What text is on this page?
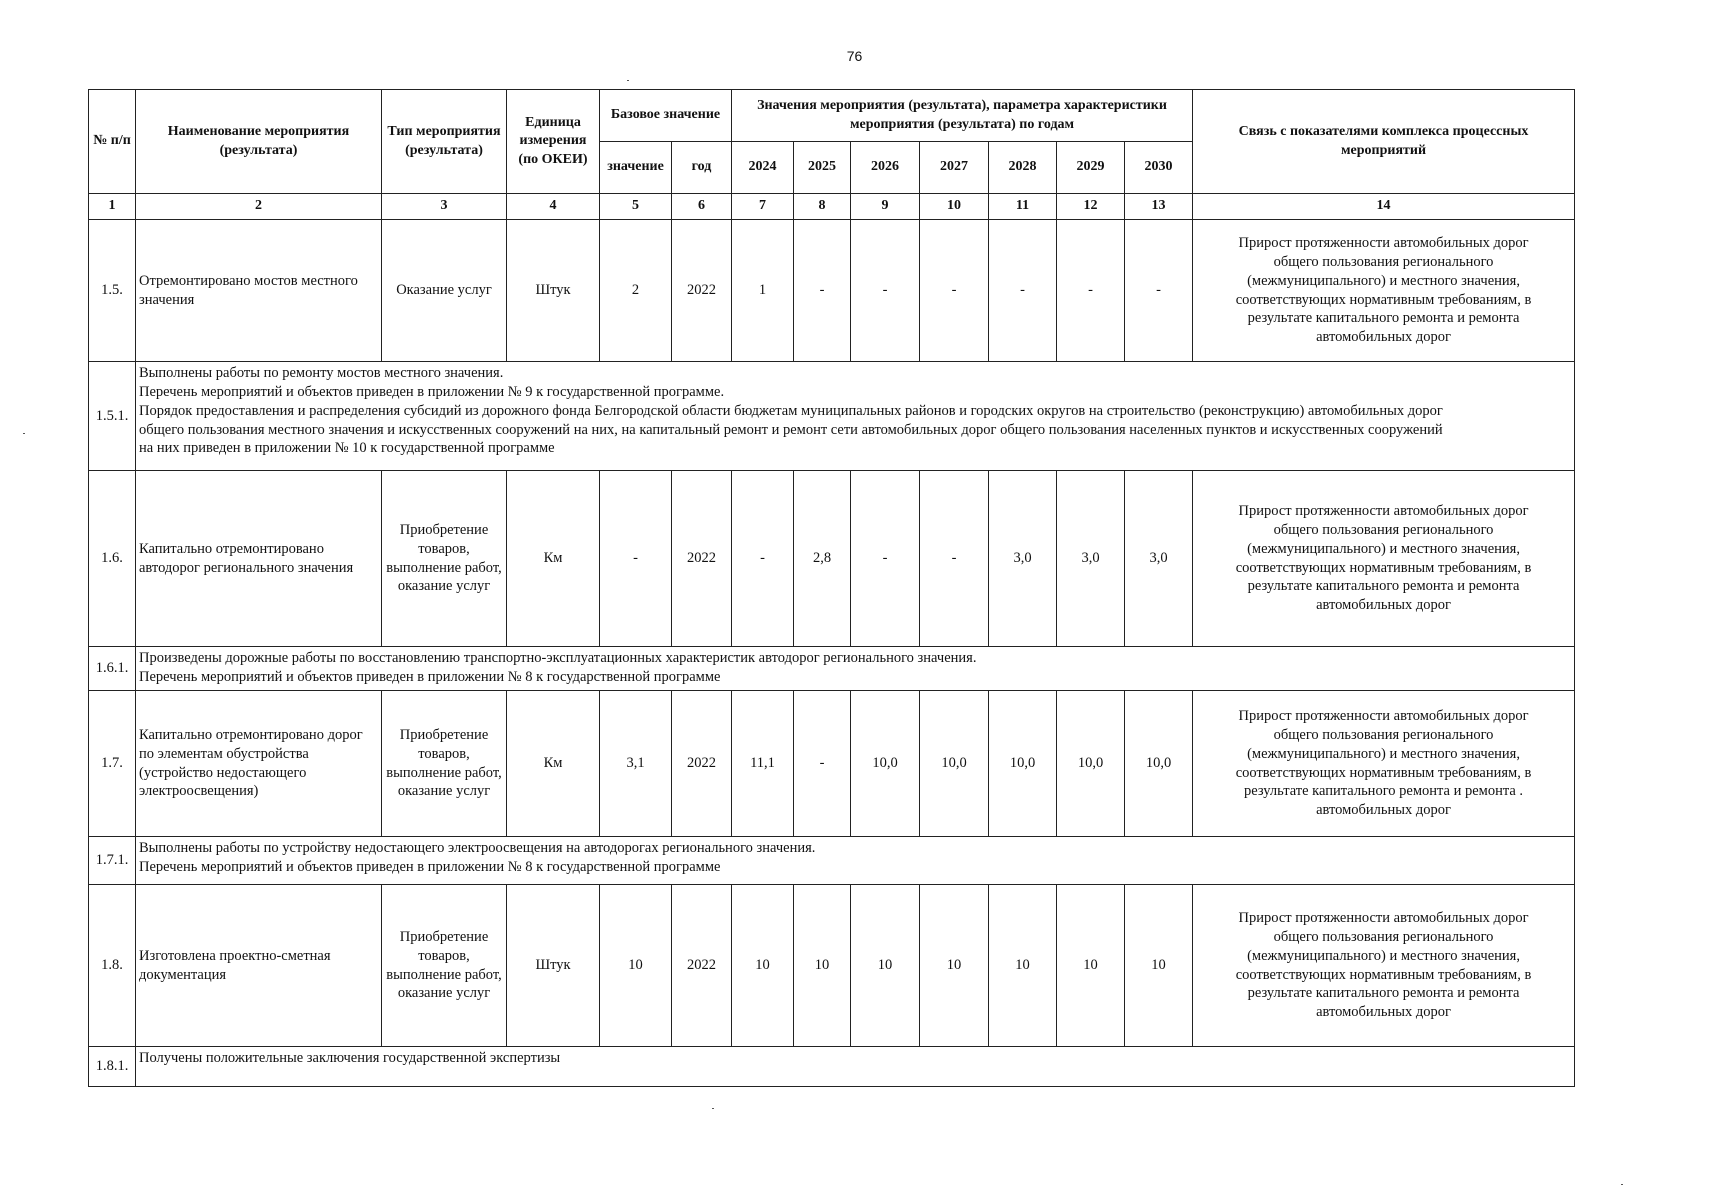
76
№ п/п	Наименование мероприятия (результата)	Тип мероприятия (результата)	Единица измерения (по ОКЕИ)	Базовое значение		Значения мероприятия (результата), параметра характеристики мероприятия (результата) по годам							Связь с показателями комплекса процессных мероприятий
				значение	год	2024	2025	2026	2027	2028	2029	2030	
1	2	3	4	5	6	7	8	9	10	11	12	13	14
1.5.	Отремонтировано мостов местного значения	Оказание услуг	Штук	2	2022	1	-	-	-	-	-	-	Прирост протяженности автомобильных дорог общего пользования регионального (межмуниципального) и местного значения, соответствующих нормативным требованиям, в результате капитального ремонта и ремонта автомобильных дорог
1.5.1.	Выполнены работы по ремонту мостов местного значения.
Перечень мероприятий и объектов приведен в приложении № 9 к государственной программе.
Порядок предоставления и распределения субсидий из дорожного фонда Белгородской области бюджетам муниципальных районов и городских округов на строительство (реконструкцию) автомобильных дорог общего пользования местного значения и искусственных сооружений на них, на капитальный ремонт и ремонт сети автомобильных дорог общего пользования населенных пунктов и искусственных сооружений на них приведен в приложении № 10 к государственной программе												
1.6.	Капитально отремонтировано автодорог регионального значения	Приобретение товаров, выполнение работ, оказание услуг	Км	-	2022	-	2,8	-	-	3,0	3,0	3,0	Прирост протяженности автомобильных дорог общего пользования регионального (межмуниципального) и местного значения, соответствующих нормативным требованиям, в результате капитального ремонта и ремонта автомобильных дорог
1.6.1.	Произведены дорожные работы по восстановлению транспортно-эксплуатационных характеристик автодорог регионального значения.
Перечень мероприятий и объектов приведен в приложении № 8 к государственной программе												
1.7.	Капитально отремонтировано дорог по элементам обустройства (устройство недостающего электроосвещения)	Приобретение товаров, выполнение работ, оказание услуг	Км	3,1	2022	11,1	-	10,0	10,0	10,0	10,0	10,0	Прирост протяженности автомобильных дорог общего пользования регионального (межмуниципального) и местного значения, соответствующих нормативным требованиям, в результате капитального ремонта и ремонта . автомобильных дорог
1.7.1.	Выполнены работы по устройству недостающего электроосвещения на автодорогах регионального значения.
Перечень мероприятий и объектов приведен в приложении № 8 к государственной программе												
1.8.	Изготовлена проектно-сметная документация	Приобретение товаров, выполнение работ, оказание услуг	Штук	10	2022	10	10	10	10	10	10	10	Прирост протяженности автомобильных дорог общего пользования регионального (межмуниципального) и местного значения, соответствующих нормативным требованиям, в результате капитального ремонта и ремонта автомобильных дорог
1.8.1.	Получены положительные заключения государственной экспертизы												
